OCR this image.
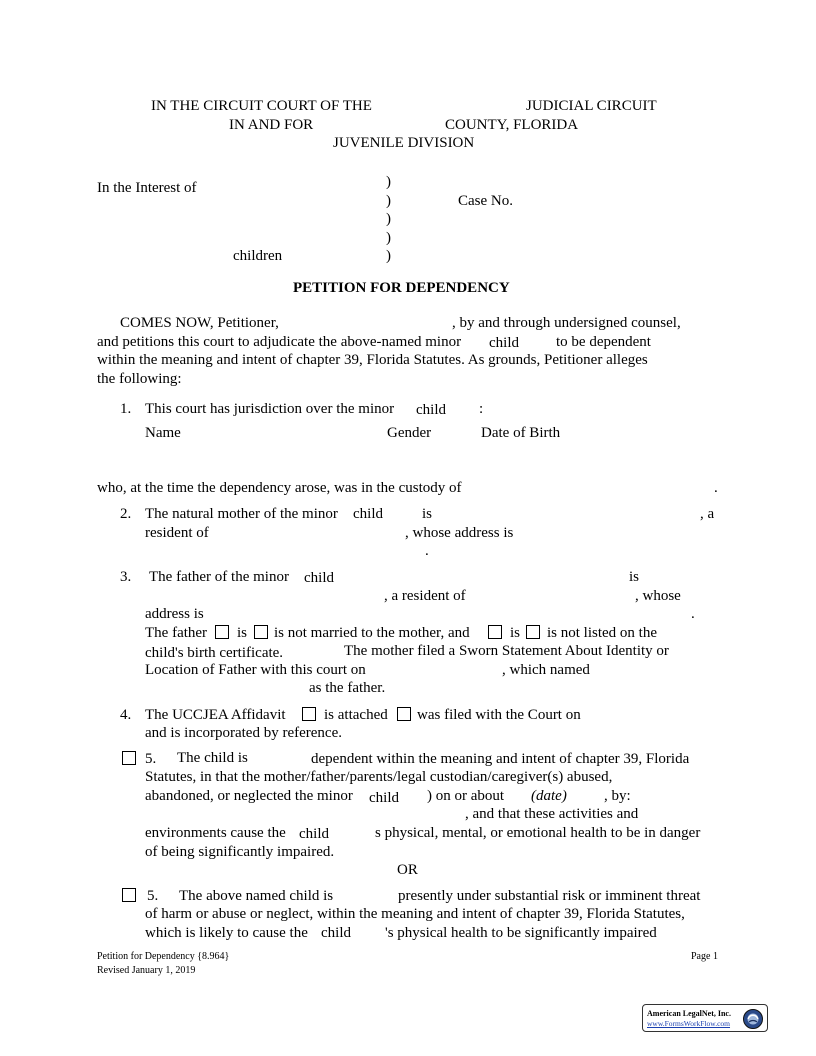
IN THE CIRCUIT COURT OF THE	JUDICIAL CIRCUIT
IN AND FOR	COUNTY, FLORIDA
JUVENILE DIVISION
In the Interest of	)
)
)
)
)
Case No.
children
PETITION FOR DEPENDENCY
COMES NOW, Petitioner,	, by and through undersigned counsel,
and petitions this court to adjudicate the above-named minor child to be dependent
within the meaning and intent of chapter 39, Florida Statutes. As grounds, Petitioner alleges
the following:
1. This court has jurisdiction over the minor child :
Name	Gender	Date of Birth
who, at the time the dependency arose, was in the custody of	.
2. The natural mother of the minor child	is	, a
resident of	, whose address is
.
3. The father of the minor child	is
, a resident of	, whose
address is	.
The father is is not married to the mother, and	is is not listed on the
child's birth certificate.	The mother filed a Sworn Statement About Identity or
Location of Father with this court on	, which named
as the father.
4. The UCCJEA Affidavit	is attached was filed with the Court on
and is incorporated by reference.
5. The child is	dependent within the meaning and intent of chapter 39, Florida
Statutes, in that the mother/father/parents/legal custodian/caregiver(s) abused,
abandoned, or neglected the minor child ) on or about (date) , by:
, and that these activities and
environments cause the child	s physical, mental, or emotional health to be in danger
of being significantly impaired.
OR
5. The above named child is	presently under substantial risk or imminent threat
of harm or abuse or neglect, within the meaning and intent of chapter 39, Florida Statutes,
which is likely to cause the child 's physical health to be significantly impaired
Petition for Dependency {8.964}
Revised January 1, 2019
Page 1
American LegalNet, Inc.
www.FormsWorkFlow.com
